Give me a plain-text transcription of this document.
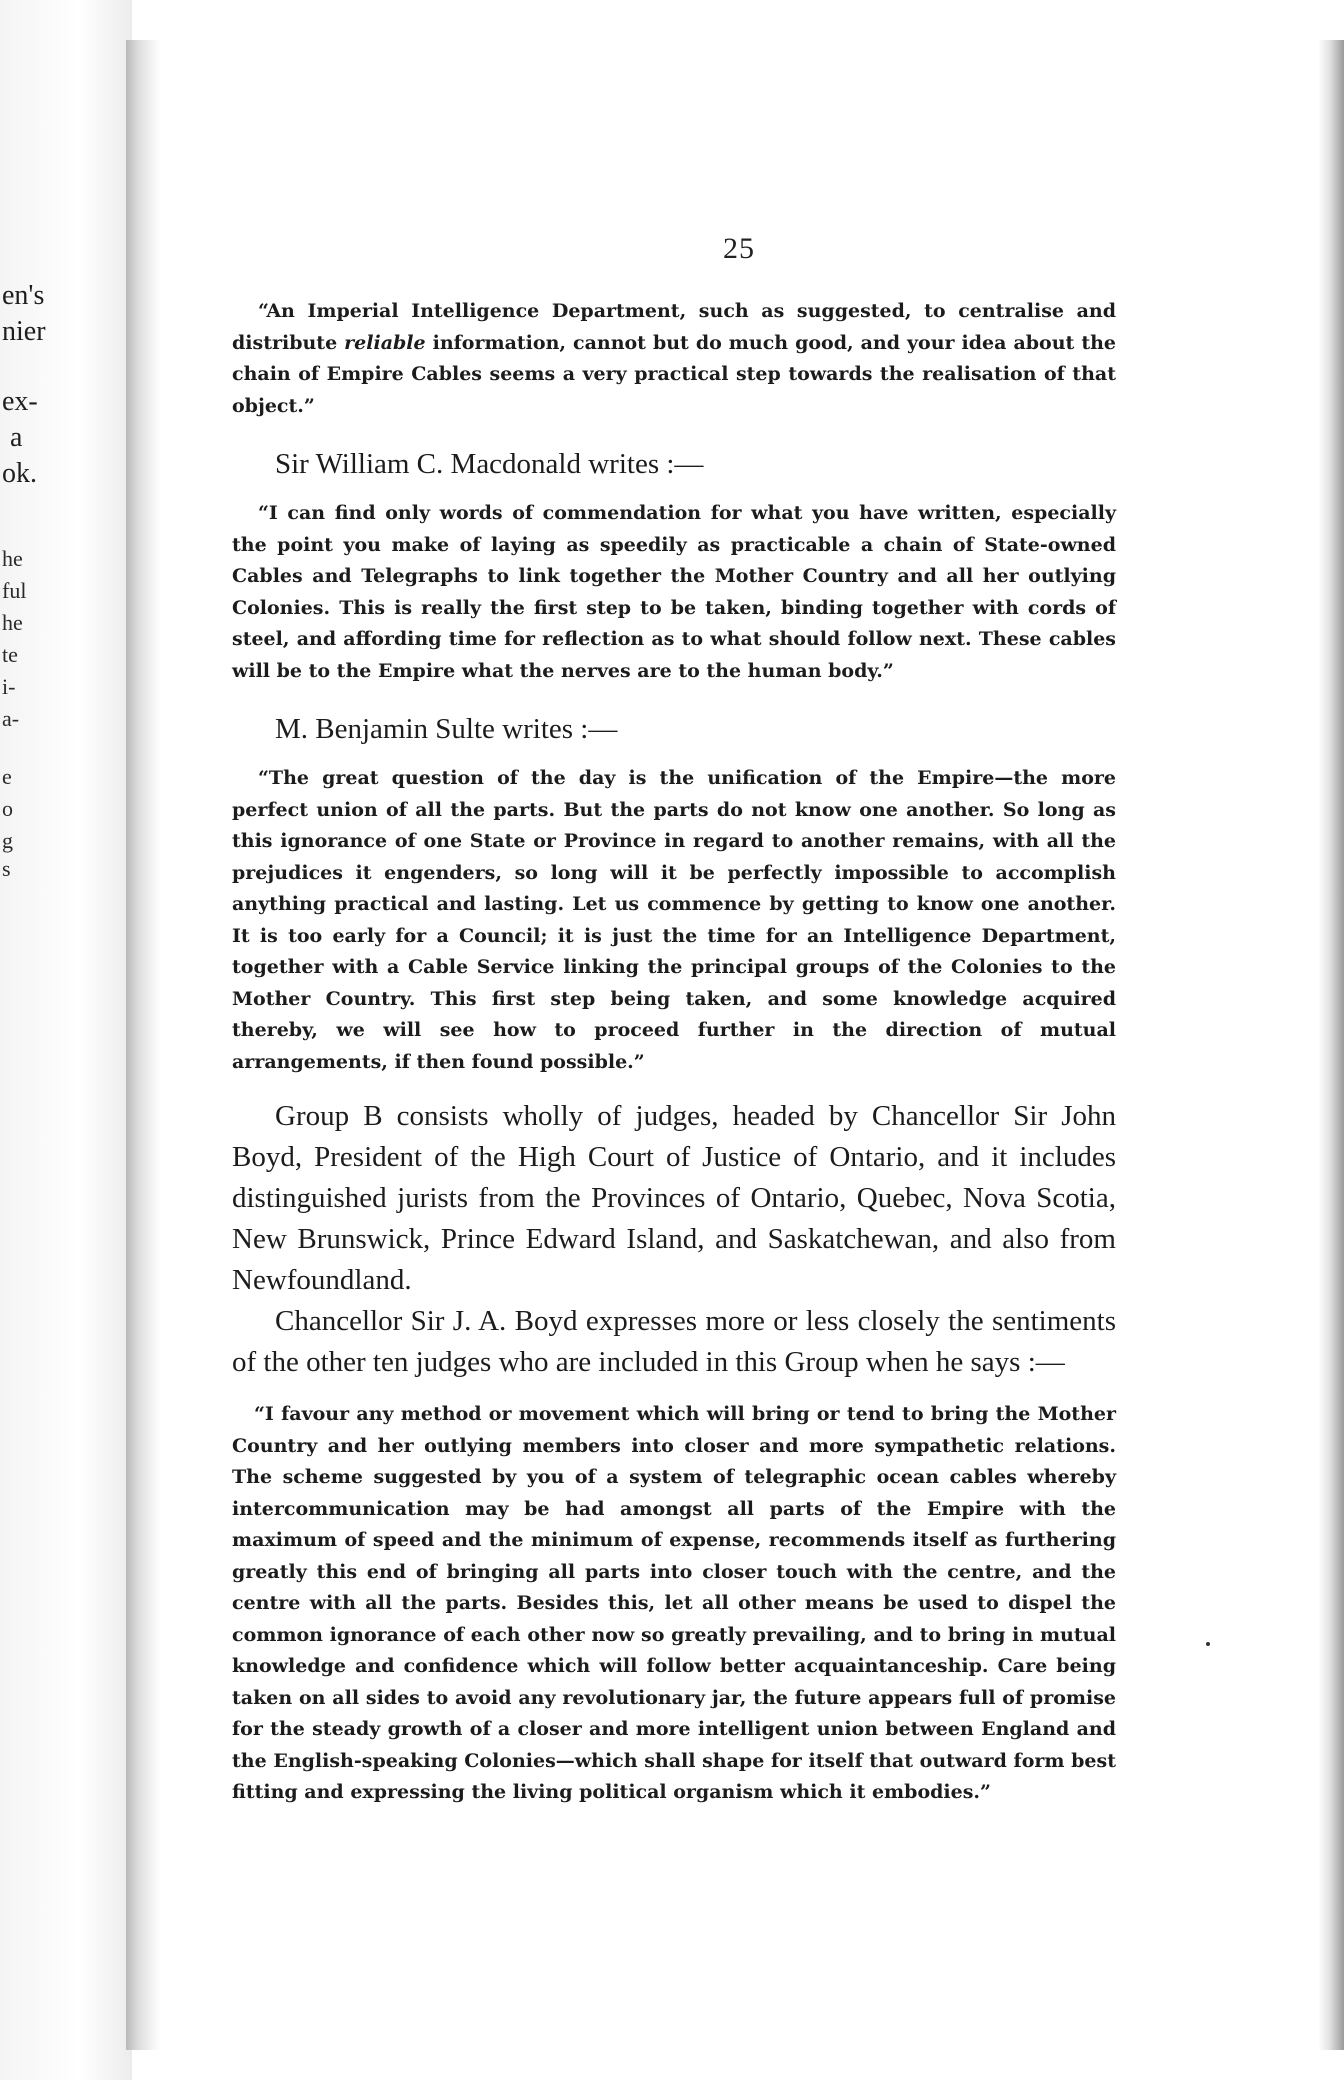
en's
nier
ex-
a
ok.
he
ful
he
te
i-
a-
e
o
g
s
25

“An Imperial Intelligence Department, such as suggested, to centralise and distribute reliable information, cannot but do much good, and your idea about the chain of Empire Cables seems a very practical step towards the realisation of that object.”

Sir William C. Macdonald writes :—

“I can find only words of commendation for what you have written, especially the point you make of laying as speedily as practicable a chain of State-owned Cables and Telegraphs to link together the Mother Country and all her outlying Colonies. This is really the first step to be taken, binding together with cords of steel, and affording time for reflection as to what should follow next. These cables will be to the Empire what the nerves are to the human body.”

M. Benjamin Sulte writes :—

“The great question of the day is the unification of the Empire—the more perfect union of all the parts. But the parts do not know one another. So long as this ignorance of one State or Province in regard to another remains, with all the prejudices it engenders, so long will it be perfectly impossible to accomplish anything practical and lasting. Let us commence by getting to know one another. It is too early for a Council; it is just the time for an Intelligence Department, together with a Cable Service linking the principal groups of the Colonies to the Mother Country. This first step being taken, and some knowledge acquired thereby, we will see how to proceed further in the direction of mutual arrangements, if then found possible.”

Group B consists wholly of judges, headed by Chancellor Sir John Boyd, President of the High Court of Justice of Ontario, and it includes distinguished jurists from the Provinces of Ontario, Quebec, Nova Scotia, New Brunswick, Prince Edward Island, and Saskatchewan, and also from Newfoundland.

Chancellor Sir J. A. Boyd expresses more or less closely the sentiments of the other ten judges who are included in this Group when he says :—

“I favour any method or movement which will bring or tend to bring the Mother Country and her outlying members into closer and more sympathetic relations. The scheme suggested by you of a system of telegraphic ocean cables whereby intercommunication may be had amongst all parts of the Empire with the maximum of speed and the minimum of expense, recommends itself as furthering greatly this end of bringing all parts into closer touch with the centre, and the centre with all the parts. Besides this, let all other means be used to dispel the common ignorance of each other now so greatly prevailing, and to bring in mutual knowledge and confidence which will follow better acquaintanceship. Care being taken on all sides to avoid any revolutionary jar, the future appears full of promise for the steady growth of a closer and more intelligent union between England and the English-speaking Colonies—which shall shape for itself that outward form best fitting and expressing the living political organism which it embodies.”
